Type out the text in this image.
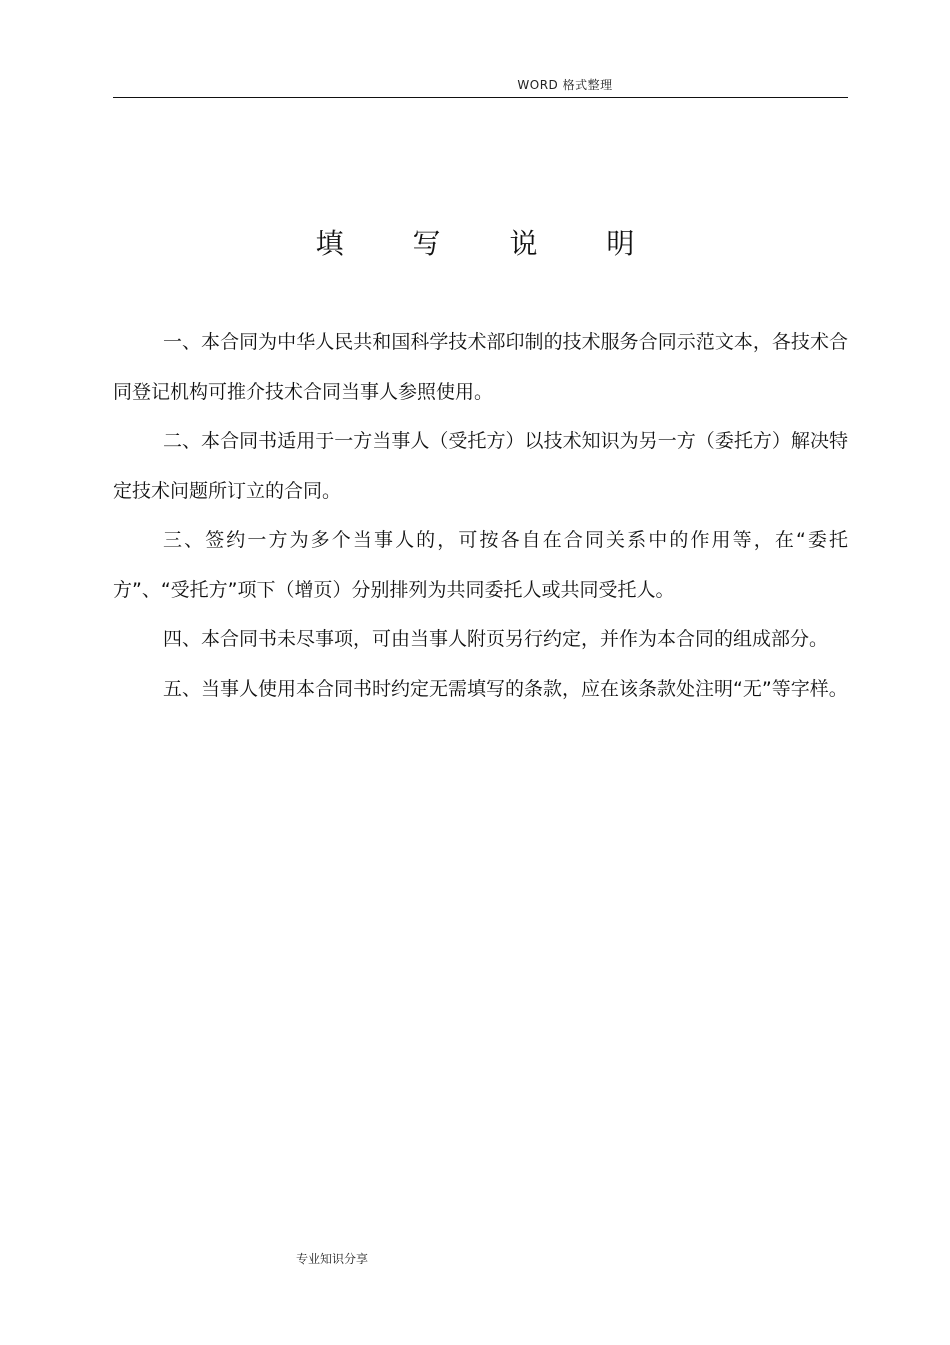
WORD 格式整理
填 写 说 明

一、本合同为中华人民共和国科学技术部印制的技术服务合同示范文本，各技术合同登记机构可推介技术合同当事人参照使用。

二、本合同书适用于一方当事人（受托方）以技术知识为另一方（委托方）解决特定技术问题所订立的合同。

三、签约一方为多个当事人的，可按各自在合同关系中的作用等，在“委托方”、“受托方”项下（增页）分别排列为共同委托人或共同受托人。

四、本合同书未尽事项，可由当事人附页另行约定，并作为本合同的组成部分。

五、当事人使用本合同书时约定无需填写的条款，应在该条款处注明“无”等字样。

专业知识分享
